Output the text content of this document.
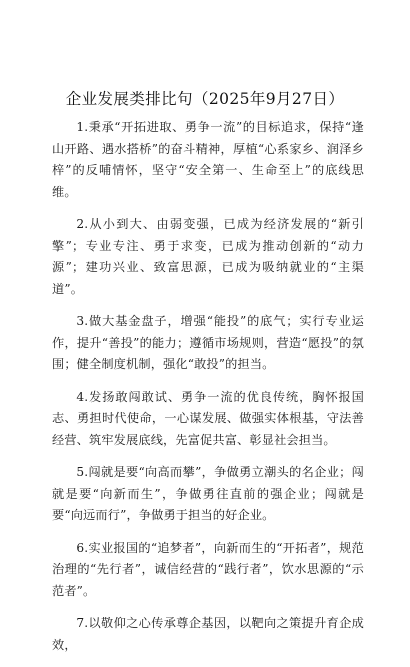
企业发展类排比句（2025年9月27日）

1.秉承“开拓进取、勇争一流”的目标追求，保持“逢山开路、遇水搭桥”的奋斗精神，厚植“心系家乡、润泽乡梓”的反哺情怀，坚守“安全第一、生命至上”的底线思维。

2.从小到大、由弱变强，已成为经济发展的“新引擎”；专业专注、勇于求变，已成为推动创新的“动力源”；建功兴业、致富思源，已成为吸纳就业的“主渠道”。

3.做大基金盘子，增强“能投”的底气；实行专业运作，提升“善投”的能力；遵循市场规则，营造“愿投”的氛围；健全制度机制，强化“敢投”的担当。

4.发扬敢闯敢试、勇争一流的优良传统，胸怀报国志、勇担时代使命，一心谋发展、做强实体根基，守法善经营、筑牢发展底线，先富促共富、彰显社会担当。

5.闯就是要“向高而攀”，争做勇立潮头的名企业；闯就是要“向新而生”，争做勇往直前的强企业；闯就是要“向远而行”，争做勇于担当的好企业。

6.实业报国的“追梦者”，向新而生的“开拓者”，规范治理的“先行者”，诚信经营的“践行者”，饮水思源的“示范者”。

7.以敬仰之心传承尊企基因，以靶向之策提升育企成效，
